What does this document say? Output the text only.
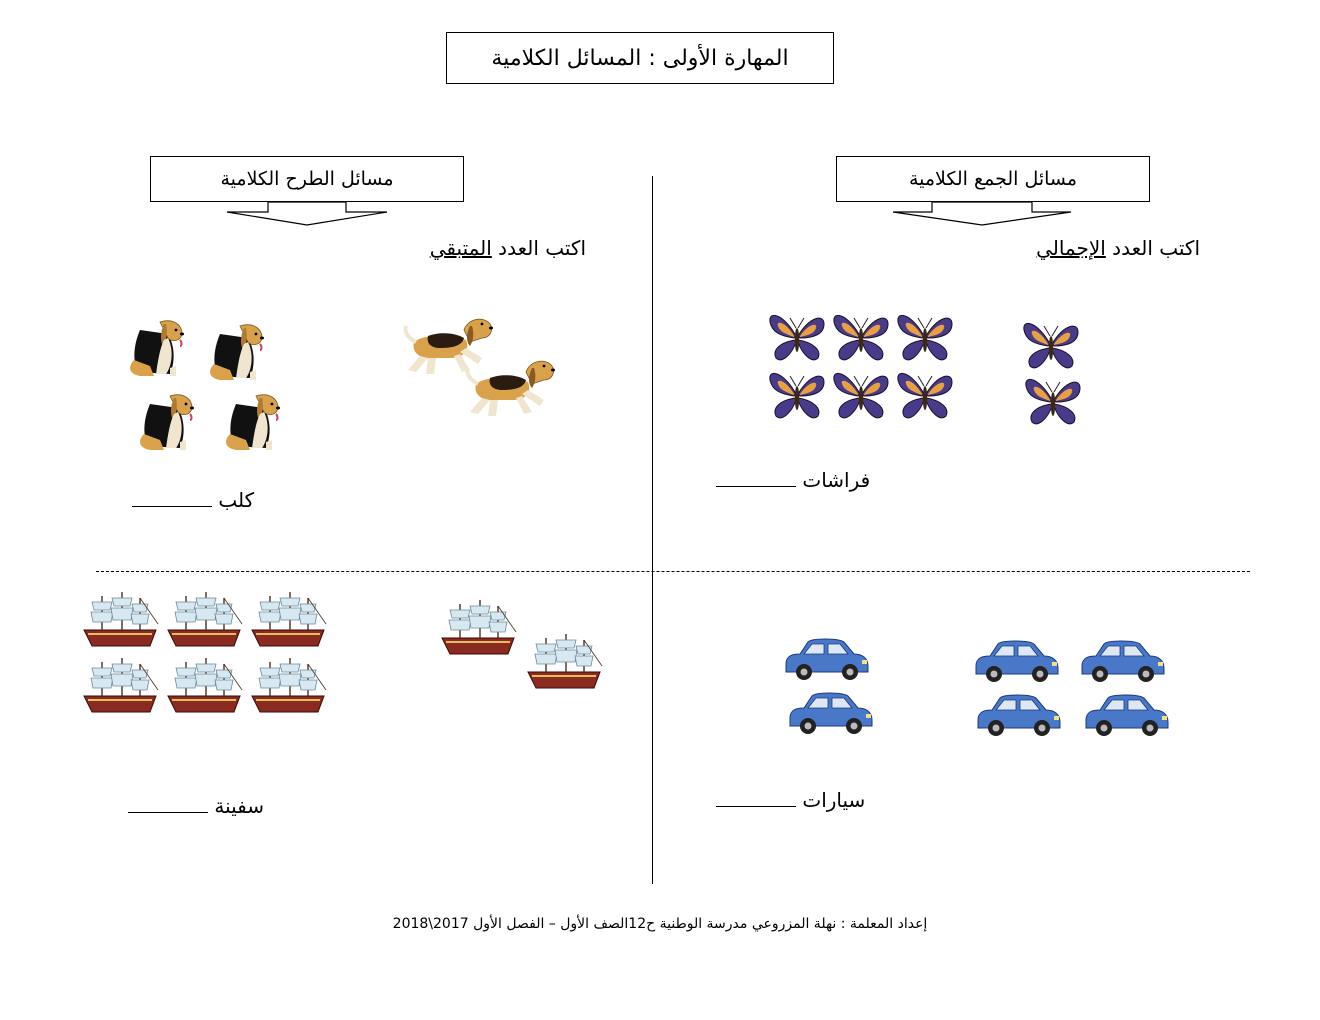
المهارة الأولى : المسائل الكلامية
مسائل الجمع الكلامية
مسائل الطرح الكلامية
اكتب العدد الإجمالي
اكتب العدد المتبقي
فراشات
كلب
سيارات
سفينة
إعداد المعلمة : نهلة المزروعي مدرسة الوطنية ح12الصف الأول – الفصل الأول 2017\2018
